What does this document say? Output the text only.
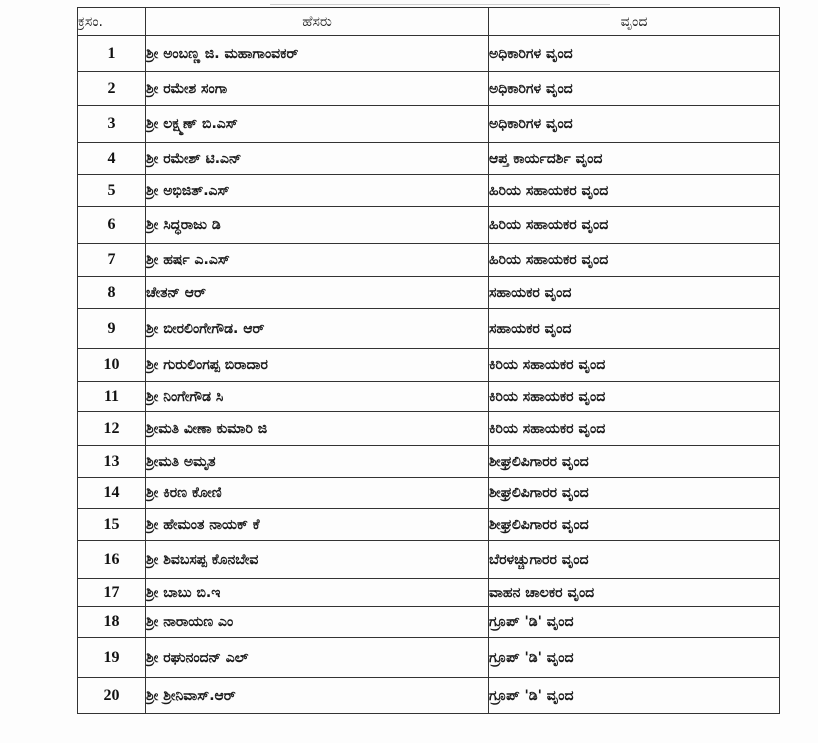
ಕ್ರಸಂ.	ಹೆಸರು	ವೃಂದ
1	ಶ್ರೀ ಅಂಬಣ್ಣ ಜಿ. ಮಹಾಗಾಂವಕರ್	ಅಧಿಕಾರಿಗಳ ವೃಂದ
2	ಶ್ರೀ ರಮೇಶ ಸಂಗಾ	ಅಧಿಕಾರಿಗಳ ವೃಂದ
3	ಶ್ರೀ ಲಕ್ಷ್ಮಣ್ ಬಿ.ಎಸ್	ಅಧಿಕಾರಿಗಳ ವೃಂದ
4	ಶ್ರೀ ರಮೇಶ್ ಟಿ.ಎನ್	ಆಪ್ತ ಕಾರ್ಯದರ್ಶಿ ವೃಂದ
5	ಶ್ರೀ ಅಭಿಜಿತ್.ಎಸ್	ಹಿರಿಯ ಸಹಾಯಕರ ವೃಂದ
6	ಶ್ರೀ ಸಿದ್ಧರಾಜು ಡಿ	ಹಿರಿಯ ಸಹಾಯಕರ ವೃಂದ
7	ಶ್ರೀ ಹರ್ಷ ಎ.ಎಸ್	ಹಿರಿಯ ಸಹಾಯಕರ ವೃಂದ
8	ಚೇತನ್ ಆರ್	ಸಹಾಯಕರ ವೃಂದ
9	ಶ್ರೀ ಬೀರಲಿಂಗೇಗೌಡ. ಆರ್	ಸಹಾಯಕರ ವೃಂದ
10	ಶ್ರೀ ಗುರುಲಿಂಗಪ್ಪ ಬಿರಾದಾರ	ಕಿರಿಯ ಸಹಾಯಕರ ವೃಂದ
11	ಶ್ರೀ ನಿಂಗೇಗೌಡ ಸಿ	ಕಿರಿಯ ಸಹಾಯಕರ ವೃಂದ
12	ಶ್ರೀಮತಿ ವೀಣಾ ಕುಮಾರಿ ಜಿ	ಕಿರಿಯ ಸಹಾಯಕರ ವೃಂದ
13	ಶ್ರೀಮತಿ ಅಮೃತ	ಶೀಘ್ರಲಿಪಿಗಾರರ ವೃಂದ
14	ಶ್ರೀ ಕಿರಣ ಕೋಣಿ	ಶೀಘ್ರಲಿಪಿಗಾರರ ವೃಂದ
15	ಶ್ರೀ ಹೇಮಂತ ನಾಯಕ್ ಕೆ	ಶೀಘ್ರಲಿಪಿಗಾರರ ವೃಂದ
16	ಶ್ರೀ ಶಿವಬಸಪ್ಪ ಕೊನಬೇವ	ಬೆರಳಚ್ಚುಗಾರರ ವೃಂದ
17	ಶ್ರೀ ಬಾಬು ಬಿ.ಇ	ವಾಹನ ಚಾಲಕರ ವೃಂದ
18	ಶ್ರೀ ನಾರಾಯಣ ಎಂ	ಗ್ರೂಪ್ 'ಡಿ' ವೃಂದ
19	ಶ್ರೀ ರಘುನಂದನ್ ಎಲ್	ಗ್ರೂಪ್ 'ಡಿ' ವೃಂದ
20	ಶ್ರೀ ಶ್ರೀನಿವಾಸ್.ಆರ್	ಗ್ರೂಪ್ 'ಡಿ' ವೃಂದ
